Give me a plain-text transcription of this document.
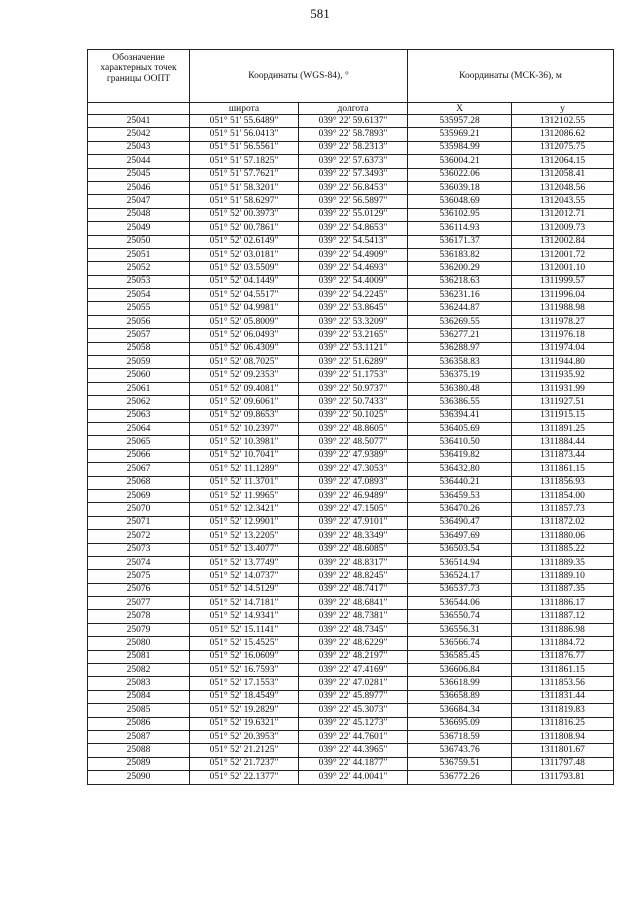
581
Обозначение характерных точек границы ООПТ	Координаты (WGS-84), °		Координаты (МСК-36), м	
	широта	долгота	X	у
25041	051° 51' 55.6489"	039° 22' 59.6137"	535957.28	1312102.55
25042	051° 51' 56.0413"	039° 22' 58.7893"	535969.21	1312086.62
25043	051° 51' 56.5561"	039° 22' 58.2313"	535984.99	1312075.75
25044	051° 51' 57.1825"	039° 22' 57.6373"	536004.21	1312064.15
25045	051° 51' 57.7621"	039° 22' 57.3493"	536022.06	1312058.41
25046	051° 51' 58.3201"	039° 22' 56.8453"	536039.18	1312048.56
25047	051° 51' 58.6297"	039° 22' 56.5897"	536048.69	1312043.55
25048	051° 52' 00.3973"	039° 22' 55.0129"	536102.95	1312012.71
25049	051° 52' 00.7861"	039° 22' 54.8653"	536114.93	1312009.73
25050	051° 52' 02.6149"	039° 22' 54.5413"	536171.37	1312002.84
25051	051° 52' 03.0181"	039° 22' 54.4909"	536183.82	1312001.72
25052	051° 52' 03.5509"	039° 22' 54.4693"	536200.29	1312001.10
25053	051° 52' 04.1449"	039° 22' 54.4009"	536218.63	1311999.57
25054	051° 52' 04.5517"	039° 22' 54.2245"	536231.16	1311996.04
25055	051° 52' 04.9981"	039° 22' 53.8645"	536244.87	1311988.98
25056	051° 52' 05.8009"	039° 22' 53.3209"	536269.55	1311978.27
25057	051° 52' 06.0493"	039° 22' 53.2165"	536277.21	1311976.18
25058	051° 52' 06.4309"	039° 22' 53.1121"	536288.97	1311974.04
25059	051° 52' 08.7025"	039° 22' 51.6289"	536358.83	1311944.80
25060	051° 52' 09.2353"	039° 22' 51.1753"	536375.19	1311935.92
25061	051° 52' 09.4081"	039° 22' 50.9737"	536380.48	1311931.99
25062	051° 52' 09.6061"	039° 22' 50.7433"	536386.55	1311927.51
25063	051° 52' 09.8653"	039° 22' 50.1025"	536394.41	1311915.15
25064	051° 52' 10.2397"	039° 22' 48.8605"	536405.69	1311891.25
25065	051° 52' 10.3981"	039° 22' 48.5077"	536410.50	1311884.44
25066	051° 52' 10.7041"	039° 22' 47.9389"	536419.82	1311873.44
25067	051° 52' 11.1289"	039° 22' 47.3053"	536432.80	1311861.15
25068	051° 52' 11.3701"	039° 22' 47.0893"	536440.21	1311856.93
25069	051° 52' 11.9965"	039° 22' 46.9489"	536459.53	1311854.00
25070	051° 52' 12.3421"	039° 22' 47.1505"	536470.26	1311857.73
25071	051° 52' 12.9901"	039° 22' 47.9101"	536490.47	1311872.02
25072	051° 52' 13.2205"	039° 22' 48.3349"	536497.69	1311880.06
25073	051° 52' 13.4077"	039° 22' 48.6085"	536503.54	1311885.22
25074	051° 52' 13.7749"	039° 22' 48.8317"	536514.94	1311889.35
25075	051° 52' 14.0737"	039° 22' 48.8245"	536524.17	1311889.10
25076	051° 52' 14.5129"	039° 22' 48.7417"	536537.73	1311887.35
25077	051° 52' 14.7181"	039° 22' 48.6841"	536544.06	1311886.17
25078	051° 52' 14.9341"	039° 22' 48.7381"	536550.74	1311887.12
25079	051° 52' 15.1141"	039° 22' 48.7345"	536556.31	1311886.98
25080	051° 52' 15.4525"	039° 22' 48.6229"	536566.74	1311884.72
25081	051° 52' 16.0609"	039° 22' 48.2197"	536585.45	1311876.77
25082	051° 52' 16.7593"	039° 22' 47.4169"	536606.84	1311861.15
25083	051° 52' 17.1553"	039° 22' 47.0281"	536618.99	1311853.56
25084	051° 52' 18.4549"	039° 22' 45.8977"	536658.89	1311831.44
25085	051° 52' 19.2829"	039° 22' 45.3073"	536684.34	1311819.83
25086	051° 52' 19.6321"	039° 22' 45.1273"	536695.09	1311816.25
25087	051° 52' 20.3953"	039° 22' 44.7601"	536718.59	1311808.94
25088	051° 52' 21.2125"	039° 22' 44.3965"	536743.76	1311801.67
25089	051° 52' 21.7237"	039° 22' 44.1877"	536759.51	1311797.48
25090	051° 52' 22.1377"	039° 22' 44.0041"	536772.26	1311793.81
